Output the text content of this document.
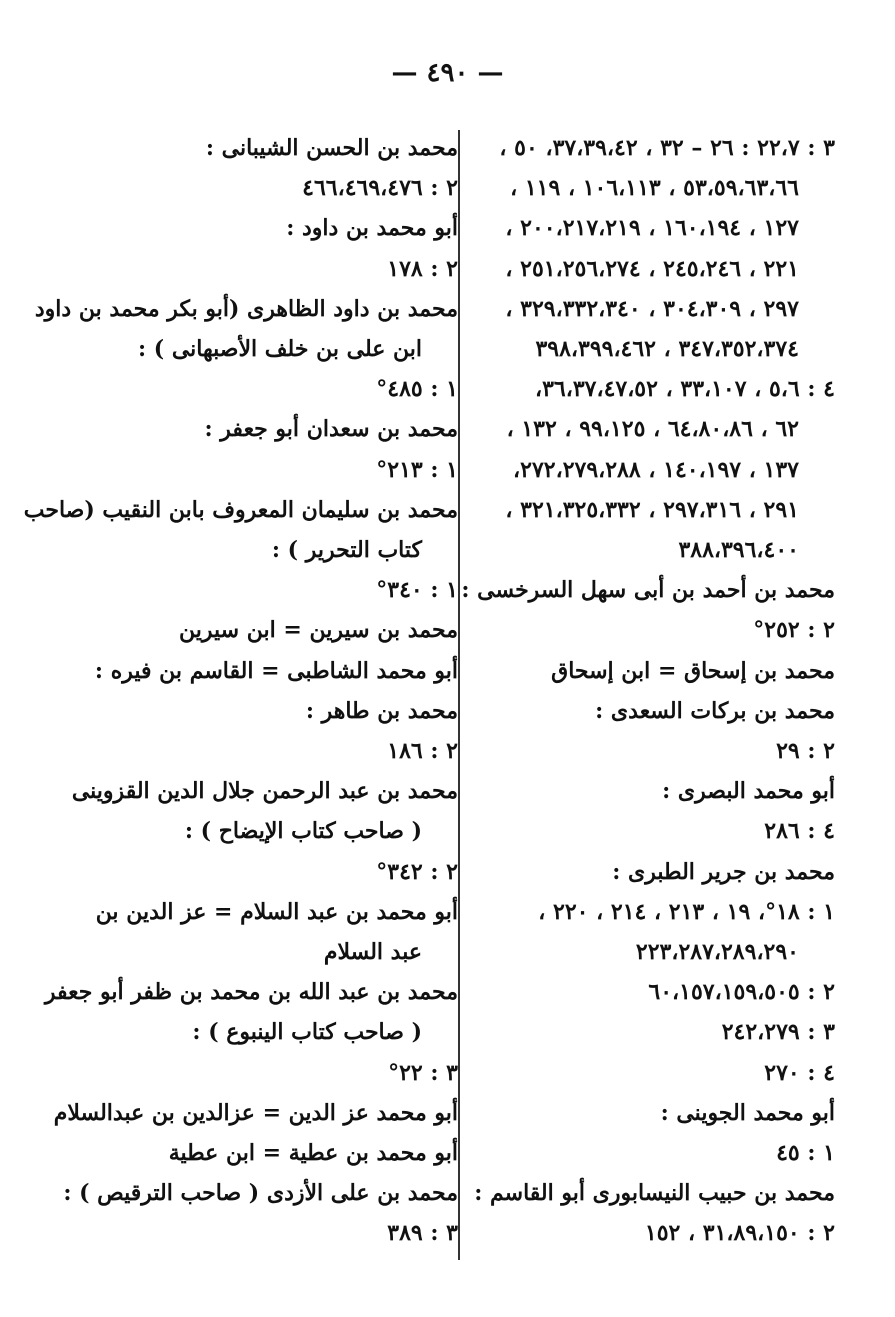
— ٤٩٠ —
٣ : ٢٢،٧ : ٢٦ – ٣٢ ، ٣٧،٣٩،٤٢، ٥٠ ،
٥٣،٥٩،٦٣،٦٦ ، ١٠٦،١١٣ ، ١١٩ ،
١٢٧ ، ١٦٠،١٩٤ ، ٢٠٠،٢١٧،٢١٩ ،
٢٢١ ، ٢٤٥،٢٤٦ ، ٢٥١،٢٥٦،٢٧٤ ،
٢٩٧ ، ٣٠٤،٣٠٩ ، ٣٢٩،٣٣٢،٣٤٠ ،
٣٤٧،٣٥٢،٣٧٤ ، ٣٩٨،٣٩٩،٤٦٢
٤ : ٥،٦ ، ٣٣،١٠٧ ، ٣٦،٣٧،٤٧،٥٢،
٦٢ ، ٦٤،٨٠،٨٦ ، ٩٩،١٢٥ ، ١٣٢ ،
١٣٧ ، ١٤٠،١٩٧ ، ٢٧٢،٢٧٩،٢٨٨،
٢٩١ ، ٢٩٧،٣١٦ ، ٣٢١،٣٢٥،٣٣٢ ،
٣٨٨،٣٩٦،٤٠٠
محمد بن أحمد بن أبى سهل السرخسى :
٢ : ٢٥٢°
محمد بن إسحاق = ابن إسحاق
محمد بن بركات السعدى :
٢ : ٢٩
أبو محمد البصرى :
٤ : ٢٨٦
محمد بن جرير الطبرى :
١ : ١٨°، ١٩ ، ٢١٣ ، ٢١٤ ، ٢٢٠ ،
٢٢٣،٢٨٧،٢٨٩،٢٩٠
٢ : ٦٠،١٥٧،١٥٩،٥٠٥
٣ : ٢٤٢،٢٧٩
٤ : ٢٧٠
أبو محمد الجوينى :
١ : ٤٥
محمد بن حبيب النيسابورى أبو القاسم :
٢ : ٣١،٨٩،١٥٠ ، ١٥٢
محمد بن الحسن الشيبانى :
٢ : ٤٦٦،٤٦٩،٤٧٦
أبو محمد بن داود :
٢ : ١٧٨
محمد بن داود الظاهرى (أبو بكر محمد بن داود
ابن على بن خلف الأصبهانى ) :
١ : ٤٨٥°
محمد بن سعدان أبو جعفر :
١ : ٢١٣°
محمد بن سليمان المعروف بابن النقيب (صاحب
كتاب التحرير ) :
١ : ٣٤٠°
محمد بن سيرين = ابن سيرين
أبو محمد الشاطبى = القاسم بن فيره :
محمد بن طاهر :
٢ : ١٨٦
محمد بن عبد الرحمن جلال الدين القزوينى
( صاحب كتاب الإيضاح ) :
٢ : ٣٤٢°
أبو محمد بن عبد السلام = عز الدين بن
عبد السلام
محمد بن عبد الله بن محمد بن ظفر أبو جعفر
( صاحب كتاب الينبوع ) :
٣ : ٢٢°
أبو محمد عز الدين = عزالدين بن عبدالسلام
أبو محمد بن عطية = ابن عطية
محمد بن على الأزدى ( صاحب الترقيص ) :
٣ : ٣٨٩
